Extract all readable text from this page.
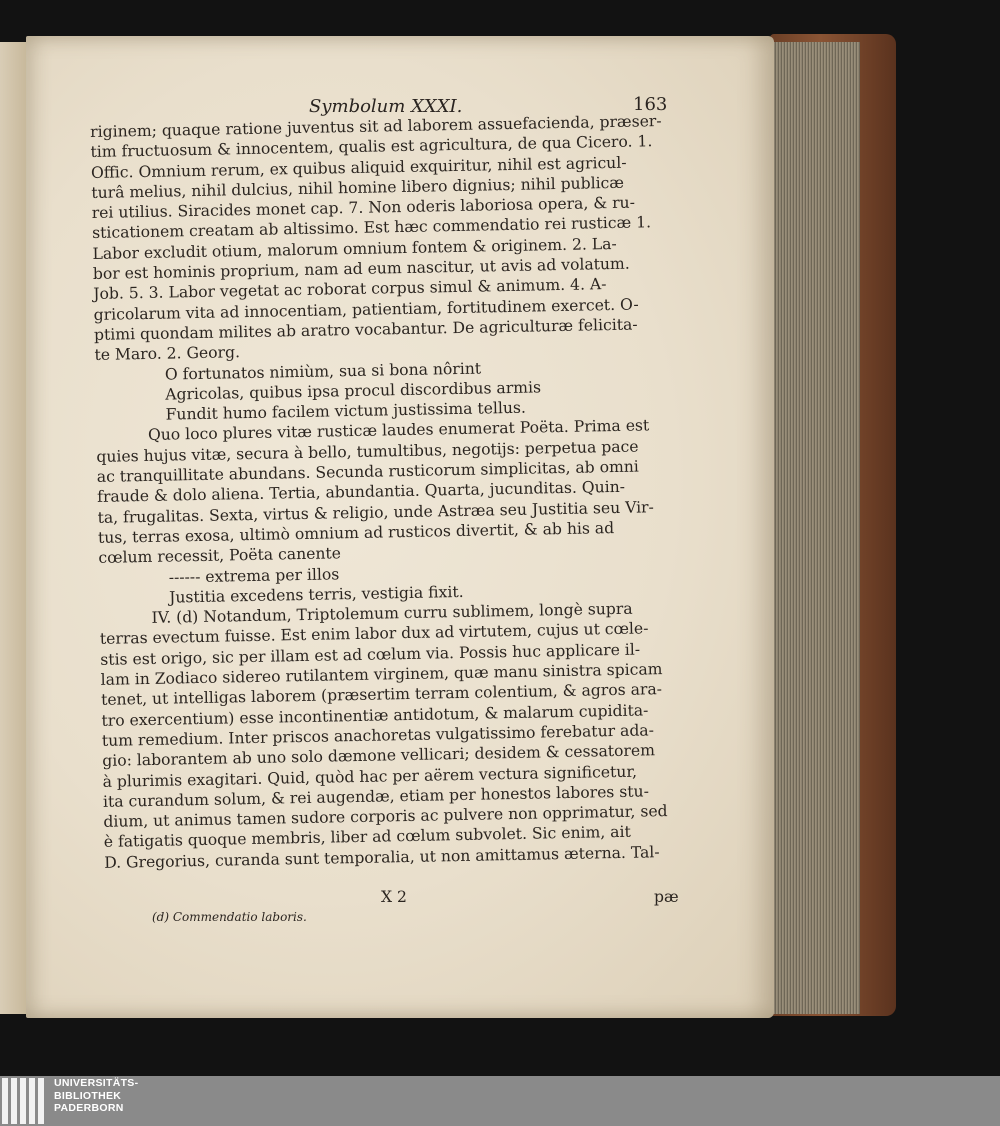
Symbolum XXXI.	163
riginem; quaque ratione juventus sit ad laborem assuefacienda, præser-
tim fructuosum & innocentem, qualis est agricultura, de qua Cicero. 1.
Offic. Omnium rerum, ex quibus aliquid exquiritur, nihil est agricul-
turâ melius, nihil dulcius, nihil homine libero dignius; nihil publicæ
rei utilius. Siracides monet cap. 7. Non oderis laboriosa opera, & ru-
sticationem creatam ab altissimo. Est hæc commendatio rei rusticæ 1.
Labor excludit otium, malorum omnium fontem & originem. 2. La-
bor est hominis proprium, nam ad eum nascitur, ut avis ad volatum.
Job. 5. 3. Labor vegetat ac roborat corpus simul & animum. 4. A-
gricolarum vita ad innocentiam, patientiam, fortitudinem exercet. O-
ptimi quondam milites ab aratro vocabantur. De agriculturæ felicita-
te Maro. 2. Georg.
O fortunatos nimiùm, sua si bona nôrint
Agricolas, quibus ipsa procul discordibus armis
Fundit humo facilem victum justissima tellus.
Quo loco plures vitæ rusticæ laudes enumerat Poëta. Prima est
quies hujus vitæ, secura à bello, tumultibus, negotijs: perpetua pace
ac tranquillitate abundans. Secunda rusticorum simplicitas, ab omni
fraude & dolo aliena. Tertia, abundantia. Quarta, jucunditas. Quin-
ta, frugalitas. Sexta, virtus & religio, unde Astræa seu Justitia seu Vir-
tus, terras exosa, ultimò omnium ad rusticos divertit, & ab his ad
cœlum recessit, Poëta canente
------ extrema per illos
Justitia excedens terris, vestigia fixit.
IV. (d) Notandum, Triptolemum curru sublimem, longè supra
terras evectum fuisse. Est enim labor dux ad virtutem, cujus ut cœle-
stis est origo, sic per illam est ad cœlum via. Possis huc applicare il-
lam in Zodiaco sidereo rutilantem virginem, quæ manu sinistra spicam
tenet, ut intelligas laborem (præsertim terram colentium, & agros ara-
tro exercentium) esse incontinentiæ antidotum, & malarum cupidita-
tum remedium. Inter priscos anachoretas vulgatissimo ferebatur ada-
gio: laborantem ab uno solo dæmone vellicari; desidem & cessatorem
à plurimis exagitari. Quid, quòd hac per aërem vectura significetur,
ita curandum solum, & rei augendæ, etiam per honestos labores stu-
dium, ut animus tamen sudore corporis ac pulvere non opprimatur, sed
è fatigatis quoque membris, liber ad cœlum subvolet. Sic enim, ait
D. Gregorius, curanda sunt temporalia, ut non amittamus æterna. Tal-
X 2	pæ
(d) Commendatio laboris.
UNIVERSITÄTS-
BIBLIOTHEK
PADERBORN
